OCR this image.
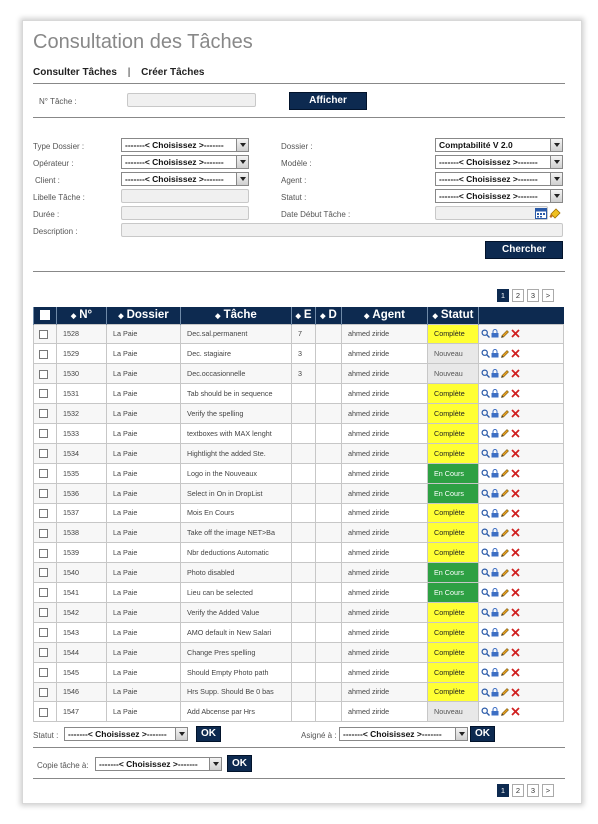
Consultation des Tâches
Consulter Tâches | Créer Tâches
N° Tâche :	Afficher
Type Dossier :	-------< Choisissez >-------
Opérateur :	-------< Choisissez >-------
Client :	-------< Choisissez >-------
Libelle Tâche :
Durée :
Description :
Dossier :	Comptabilité V 2.0
Modèle :	-------< Choisissez >-------
Agent :	-------< Choisissez >-------
Statut :	-------< Choisissez >-------
Date Début Tâche :
Chercher
1	2	3	>
	◆ N°	◆ Dossier	◆ Tâche	◆ E	◆ D	◆ Agent	◆ Statut	
	1528	La Paie	Dec.sal.permanent	7		ahmed ziride	Complète	
	1529	La Paie	Dec. stagiaire	3		ahmed ziride	Nouveau	
	1530	La Paie	Dec.occasionnelle	3		ahmed ziride	Nouveau	
	1531	La Paie	Tab should be in sequence			ahmed ziride	Complète	
	1532	La Paie	Verify the spelling			ahmed ziride	Complète	
	1533	La Paie	textboxes with MAX lenght			ahmed ziride	Complète	
	1534	La Paie	Hightlight the added Ste.			ahmed ziride	Complète	
	1535	La Paie	Logo in the Nouveaux			ahmed ziride	En Cours	
	1536	La Paie	Select in On in DropList			ahmed ziride	En Cours	
	1537	La Paie	Mois En Cours			ahmed ziride	Complète	
	1538	La Paie	Take off the image NET>Ba			ahmed ziride	Complète	
	1539	La Paie	Nbr deductions Automatic			ahmed ziride	Complète	
	1540	La Paie	Photo disabled			ahmed ziride	En Cours	
	1541	La Paie	Lieu can be selected			ahmed ziride	En Cours	
	1542	La Paie	Verify the Added Value			ahmed ziride	Complète	
	1543	La Paie	AMO default in New Salari			ahmed ziride	Complète	
	1544	La Paie	Change Pres spelling			ahmed ziride	Complète	
	1545	La Paie	Should Empty Photo path			ahmed ziride	Complète	
	1546	La Paie	Hrs Supp. Should Be 0 bas			ahmed ziride	Complète	
	1547	La Paie	Add Abcense par Hrs			ahmed ziride	Nouveau	
Statut :	-------< Choisissez >-------	OK	Asigné à : -------< Choisissez >-------	OK
Copie tâche à:	-------< Choisissez >-------	OK
1	2	3	>
